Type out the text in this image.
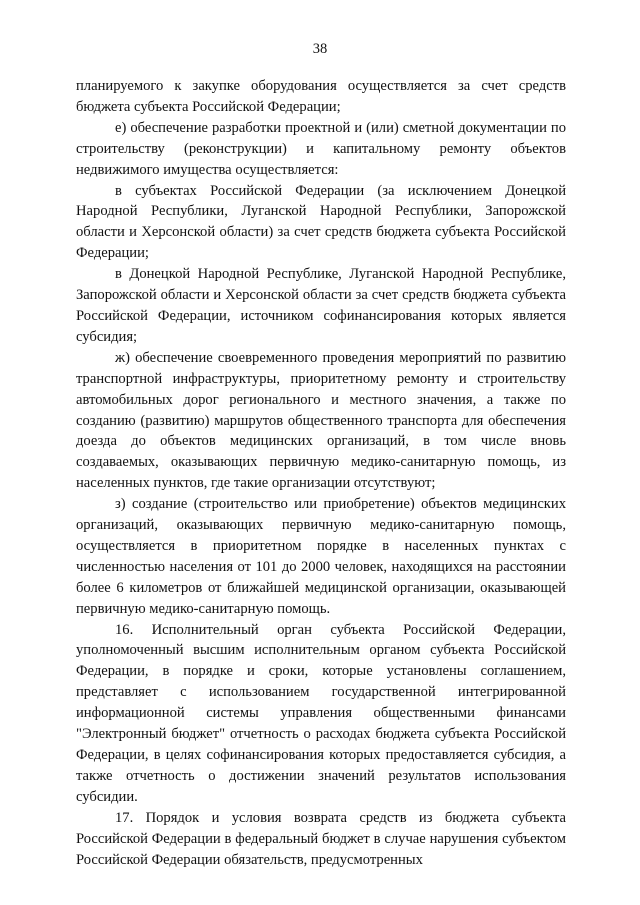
38

планируемого к закупке оборудования осуществляется за счет средств бюджета субъекта Российской Федерации;

е) обеспечение разработки проектной и (или) сметной документации по строительству (реконструкции) и капитальному ремонту объектов недвижимого имущества осуществляется:

в субъектах Российской Федерации (за исключением Донецкой Народной Республики, Луганской Народной Республики, Запорожской области и Херсонской области) за счет средств бюджета субъекта Российской Федерации;

в Донецкой Народной Республике, Луганской Народной Республике, Запорожской области и Херсонской области за счет средств бюджета субъекта Российской Федерации, источником софинансирования которых является субсидия;

ж) обеспечение своевременного проведения мероприятий по развитию транспортной инфраструктуры, приоритетному ремонту и строительству автомобильных дорог регионального и местного значения, а также по созданию (развитию) маршрутов общественного транспорта для обеспечения доезда до объектов медицинских организаций, в том числе вновь создаваемых, оказывающих первичную медико-санитарную помощь, из населенных пунктов, где такие организации отсутствуют;

з) создание (строительство или приобретение) объектов медицинских организаций, оказывающих первичную медико-санитарную помощь, осуществляется в приоритетном порядке в населенных пунктах с численностью населения от 101 до 2000 человек, находящихся на расстоянии более 6 километров от ближайшей медицинской организации, оказывающей первичную медико-санитарную помощь.

16. Исполнительный орган субъекта Российской Федерации, уполномоченный высшим исполнительным органом субъекта Российской Федерации, в порядке и сроки, которые установлены соглашением, представляет с использованием государственной интегрированной информационной системы управления общественными финансами "Электронный бюджет" отчетность о расходах бюджета субъекта Российской Федерации, в целях софинансирования которых предоставляется субсидия, а также отчетность о достижении значений результатов использования субсидии.

17. Порядок и условия возврата средств из бюджета субъекта Российской Федерации в федеральный бюджет в случае нарушения субъектом Российской Федерации обязательств, предусмотренных
